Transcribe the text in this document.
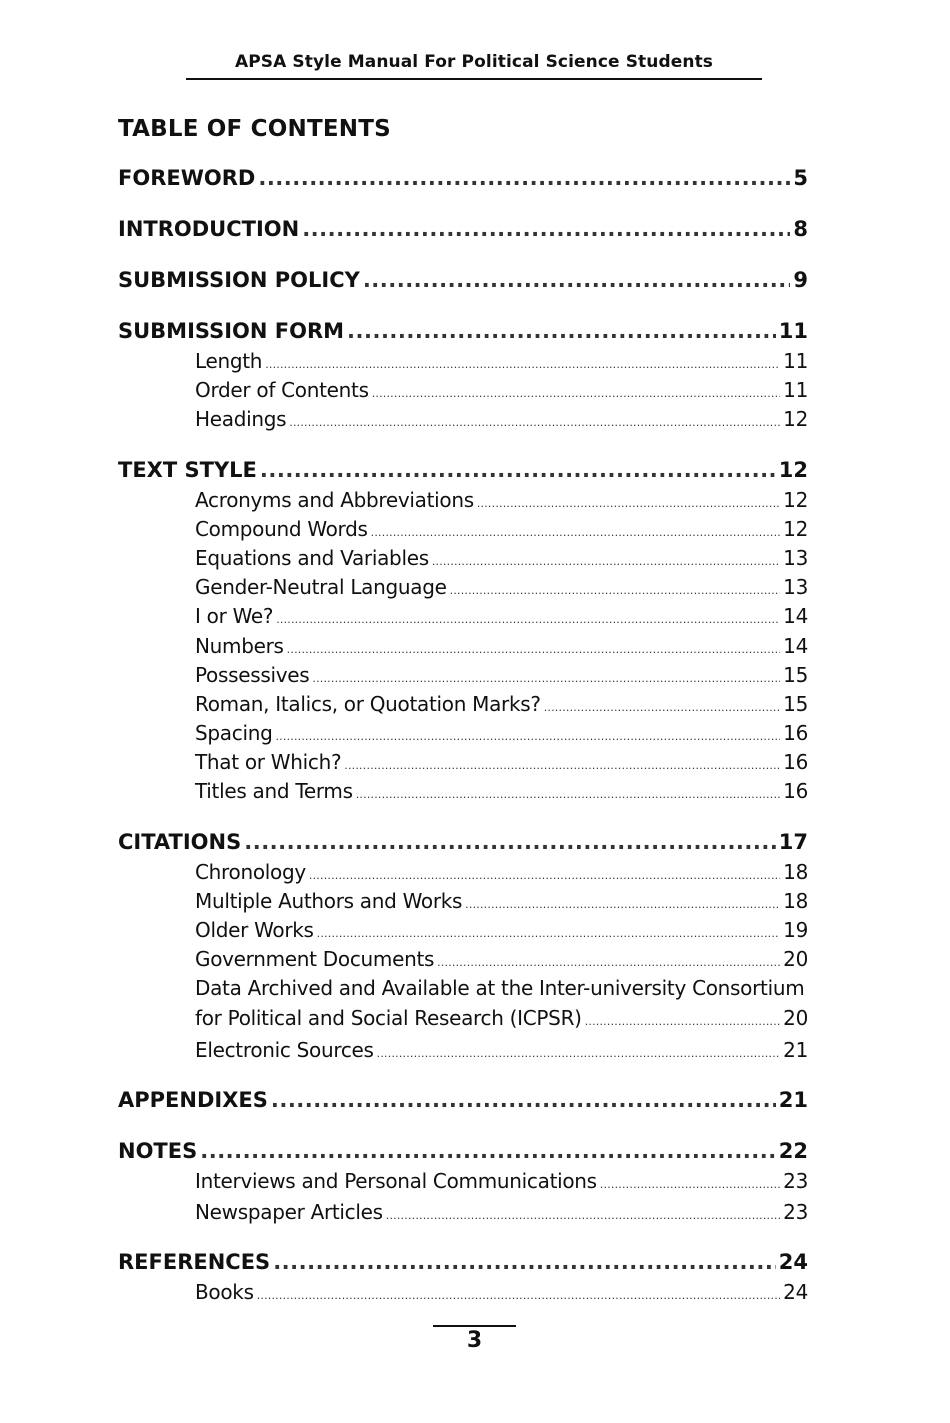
APSA Style Manual For Political Science Students
TABLE OF CONTENTS
FOREWORD .....	5
INTRODUCTION .....	8
SUBMISSION POLICY .....	9
SUBMISSION FORM .....	11
Length .....	11
Order of Contents .....	11
Headings .....	12
TEXT STYLE .....	12
Acronyms and Abbreviations .....	12
Compound Words .....	12
Equations and Variables .....	13
Gender-Neutral Language .....	13
I or We? .....	14
Numbers .....	14
Possessives .....	15
Roman, Italics, or Quotation Marks? .....	15
Spacing .....	16
That or Which? .....	16
Titles and Terms .....	16
CITATIONS .....	17
Chronology .....	18
Multiple Authors and Works .....	18
Older Works .....	19
Government Documents .....	20
Data Archived and Available at the Inter-university Consortium
for Political and Social Research (ICPSR) .....	20
Electronic Sources .....	21
APPENDIXES .....	21
NOTES .....	22
Interviews and Personal Communications .....	23
Newspaper Articles .....	23
REFERENCES .....	24
Books .....	24
3
